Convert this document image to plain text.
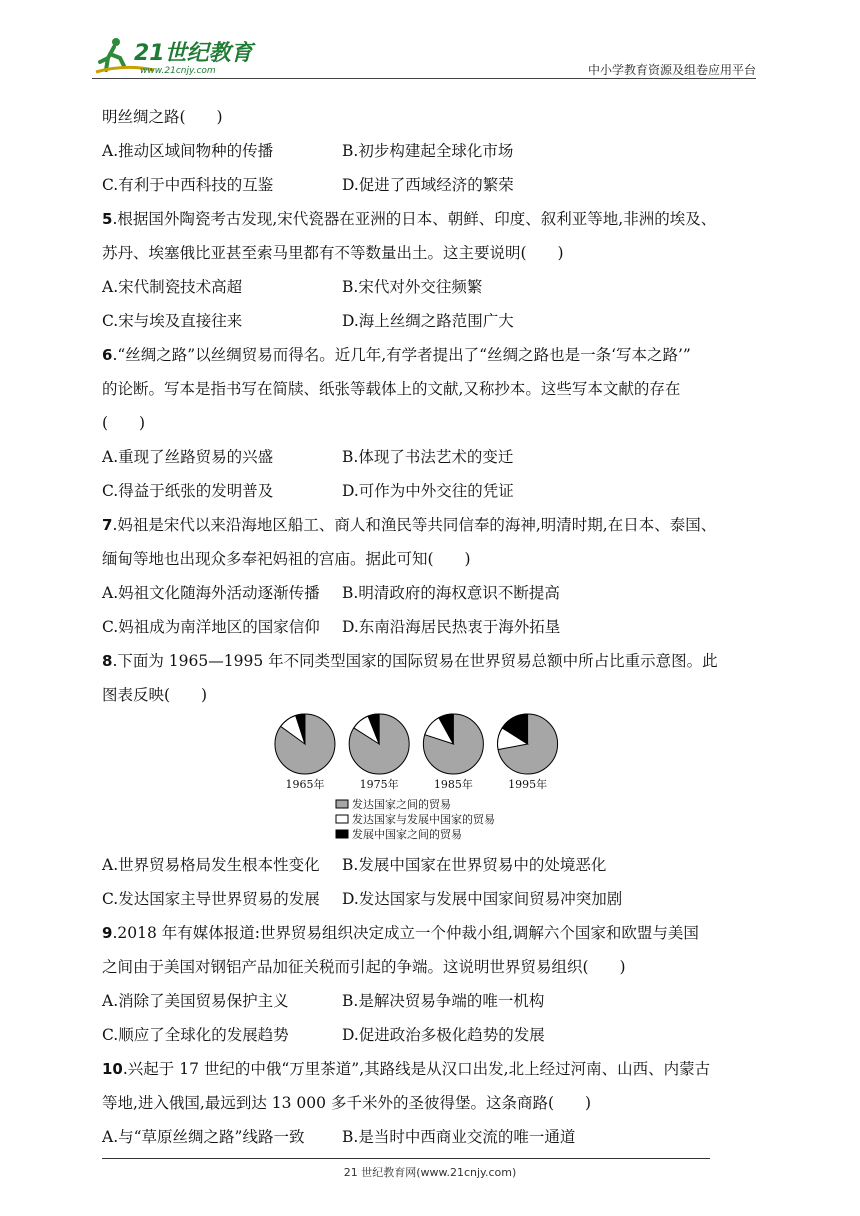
21世纪教育
www.21cnjy.com	中小学教育资源及组卷应用平台
明丝绸之路(　　)
A.推动区域间物种的传播	B.初步构建起全球化市场
C.有利于中西科技的互鉴	D.促进了西域经济的繁荣
5.根据国外陶瓷考古发现,宋代瓷器在亚洲的日本、朝鲜、印度、叙利亚等地,非洲的埃及、
苏丹、埃塞俄比亚甚至索马里都有不等数量出土。这主要说明(　　)
A.宋代制瓷技术高超	B.宋代对外交往频繁
C.宋与埃及直接往来	D.海上丝绸之路范围广大
6.“丝绸之路”以丝绸贸易而得名。近几年,有学者提出了“丝绸之路也是一条‘写本之路’”
的论断。写本是指书写在简牍、纸张等载体上的文献,又称抄本。这些写本文献的存在
(　　)
A.重现了丝路贸易的兴盛	B.体现了书法艺术的变迁
C.得益于纸张的发明普及	D.可作为中外交往的凭证
7.妈祖是宋代以来沿海地区船工、商人和渔民等共同信奉的海神,明清时期,在日本、泰国、
缅甸等地也出现众多奉祀妈祖的宫庙。据此可知(　　)
A.妈祖文化随海外活动逐渐传播 B.明清政府的海权意识不断提高
C.妈祖成为南洋地区的国家信仰 D.东南沿海居民热衷于海外拓垦
8.下面为 1965—1995 年不同类型国家的国际贸易在世界贸易总额中所占比重示意图。此
图表反映(　　)
1965年	1975年	1985年	1995年
发达国家之间的贸易
发达国家与发展中国家的贸易
发展中国家之间的贸易
A.世界贸易格局发生根本性变化 B.发展中国家在世界贸易中的处境恶化
C.发达国家主导世界贸易的发展 D.发达国家与发展中国家间贸易冲突加剧
9.2018 年有媒体报道:世界贸易组织决定成立一个仲裁小组,调解六个国家和欧盟与美国
之间由于美国对钢铝产品加征关税而引起的争端。这说明世界贸易组织(　　)
A.消除了美国贸易保护主义	B.是解决贸易争端的唯一机构
C.顺应了全球化的发展趋势	D.促进政治多极化趋势的发展
10.兴起于 17 世纪的中俄“万里茶道”,其路线是从汉口出发,北上经过河南、山西、内蒙古
等地,进入俄国,最远到达 13 000 多千米外的圣彼得堡。这条商路(　　)
A.与“草原丝绸之路”线路一致 B.是当时中西商业交流的唯一通道
21 世纪教育网(www.21cnjy.com)
